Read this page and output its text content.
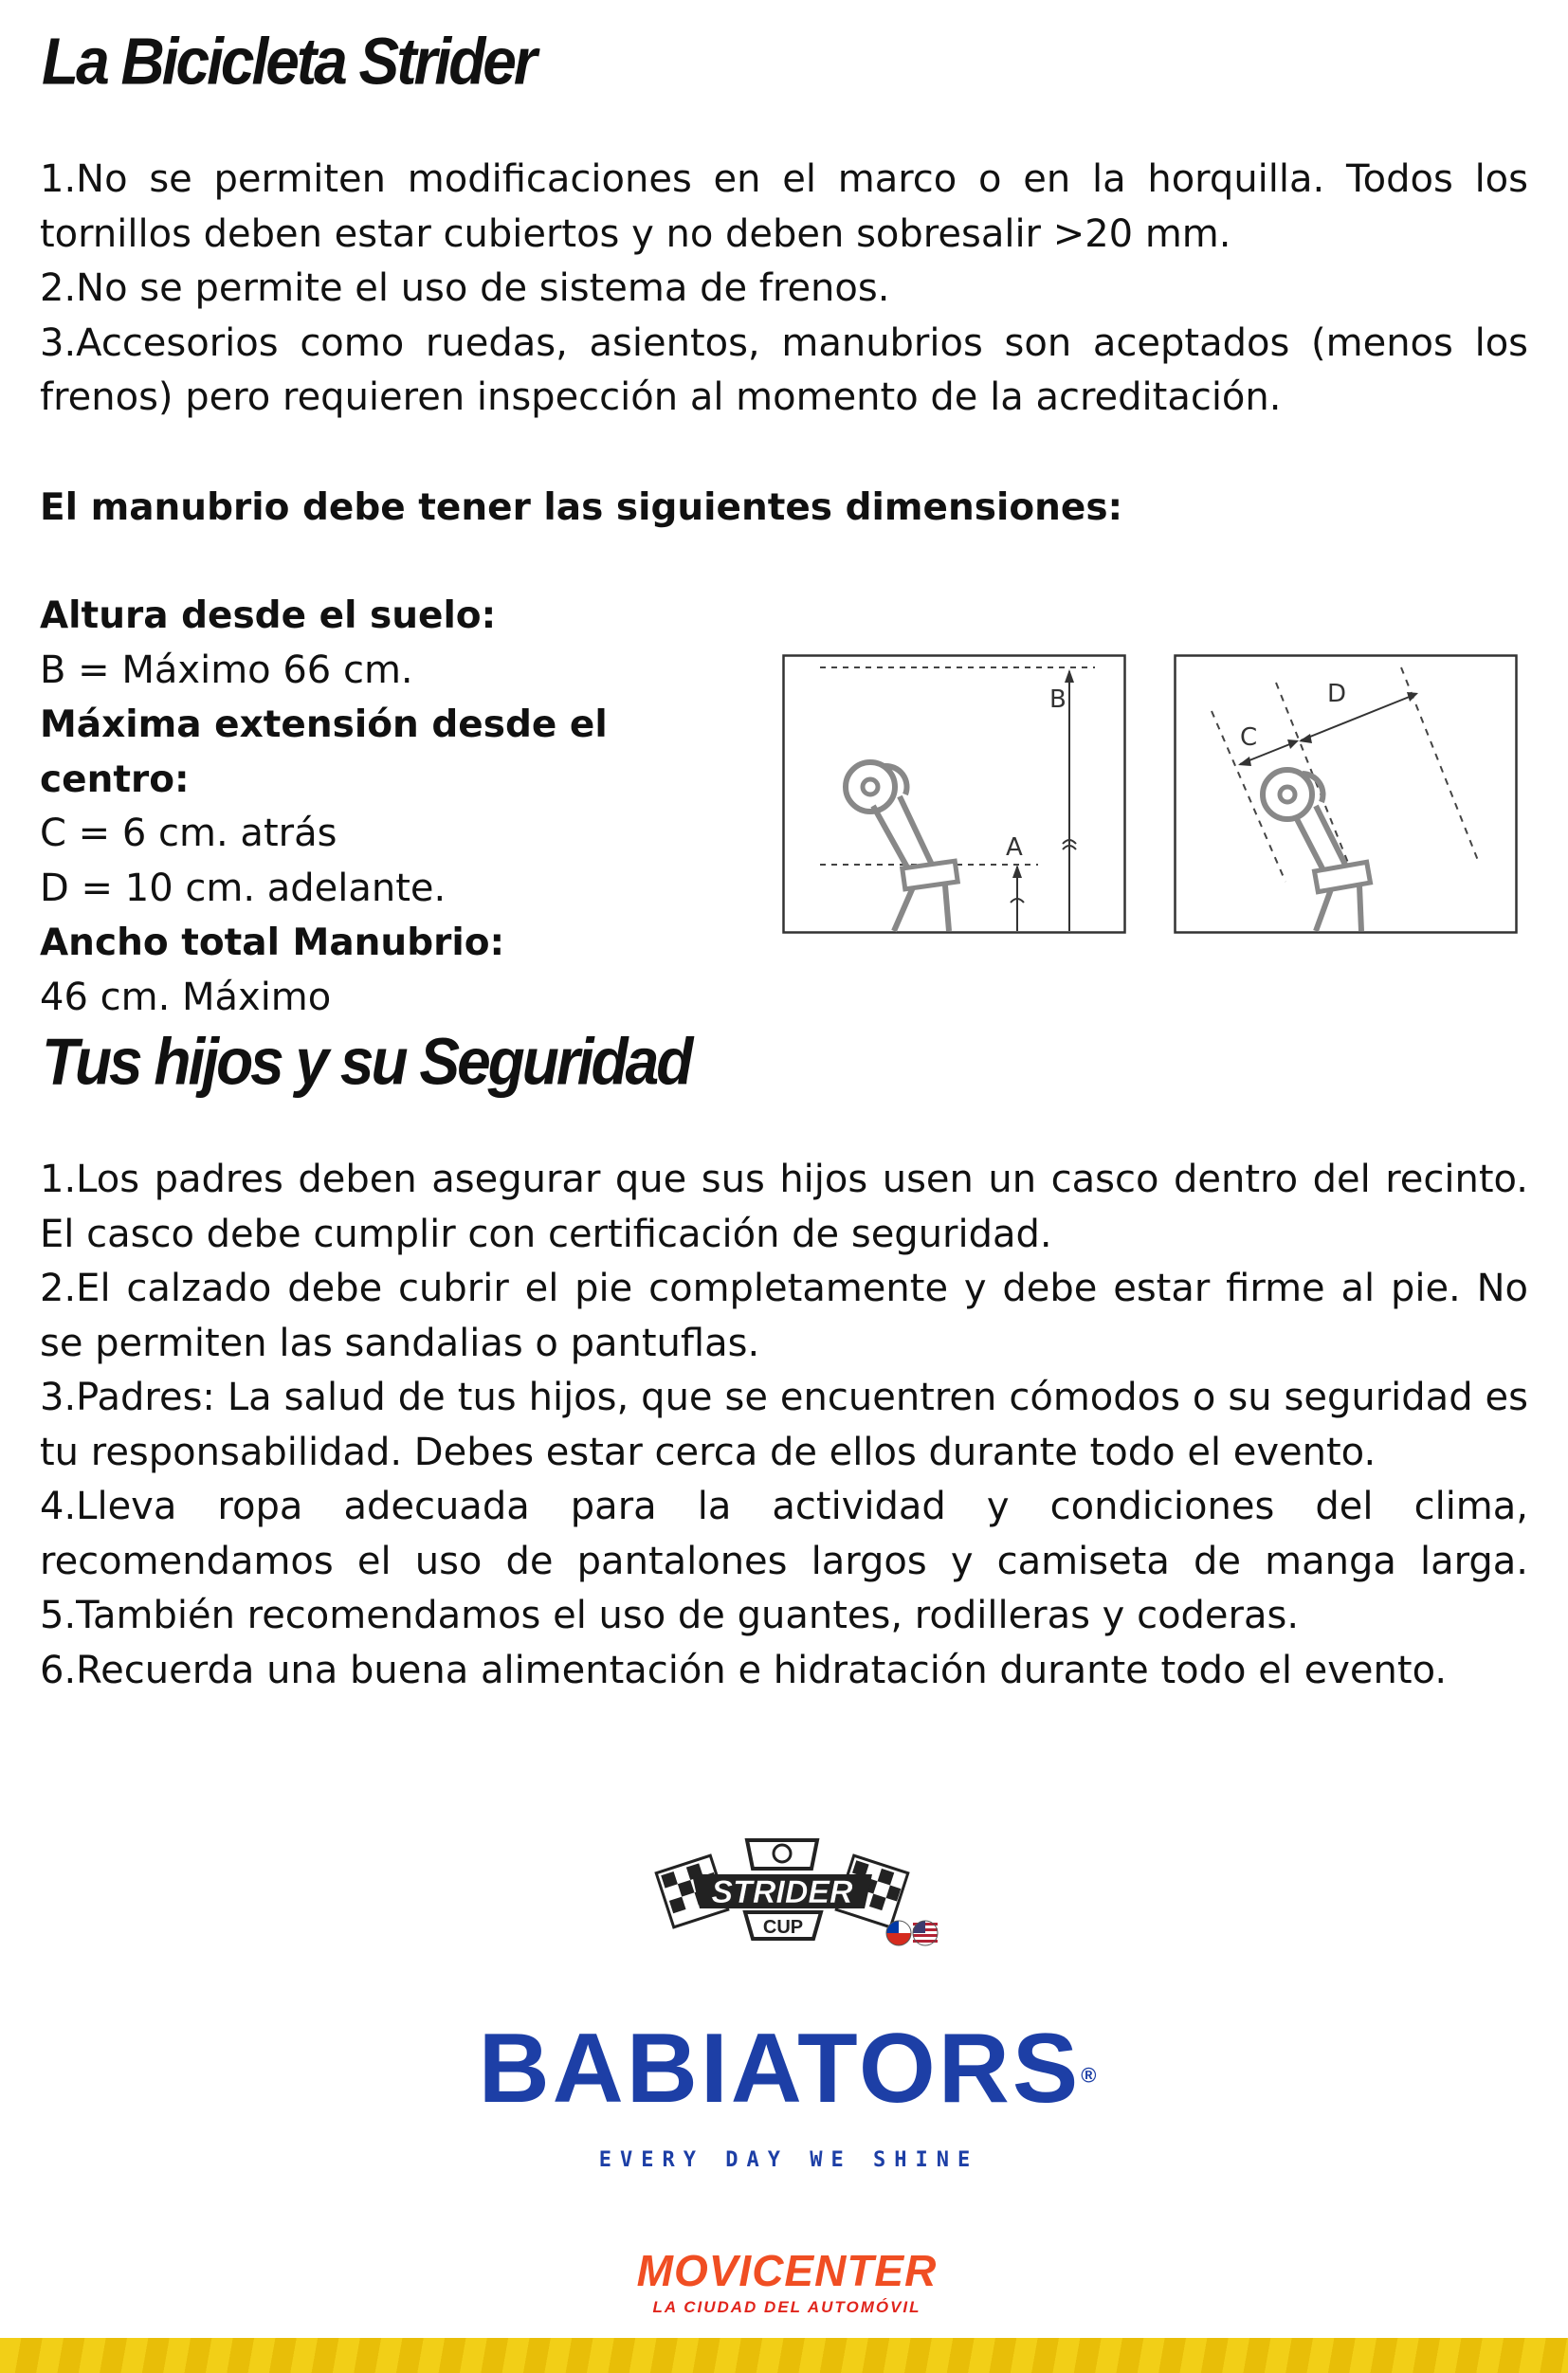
La Bicicleta Strider
1.No se permiten modificaciones en el marco o en la horquilla. Todos los tornillos deben estar cubiertos y no deben sobresalir >20 mm.
2.No se permite el uso de sistema de frenos.
3.Accesorios como ruedas, asientos, manubrios son aceptados (menos los frenos) pero requieren inspección al momento de la acreditación.
El manubrio debe tener las siguientes dimensiones:
Altura desde el suelo:
B = Máximo 66 cm.
Máxima extensión desde el centro:
C = 6 cm. atrás
D = 10 cm. adelante.
Ancho total Manubrio:
46 cm. Máximo
B
A
C
D
Tus hijos y su Seguridad
1.Los padres deben asegurar que sus hijos usen un casco dentro del recinto. El casco debe cumplir con certificación de seguridad.
2.El calzado debe cubrir el pie completamente y debe estar firme al pie. No se permiten las sandalias o pantuflas.
3.Padres: La salud de tus hijos, que se encuentren cómodos o su seguridad es tu responsabilidad. Debes estar cerca de ellos durante todo el evento.
4.Lleva ropa adecuada para la actividad y condiciones del clima, recomendamos el uso de pantalones largos y camiseta de manga larga.
5.También recomendamos el uso de guantes, rodilleras y coderas.
6.Recuerda una buena alimentación e hidratación durante todo el evento.
STRIDER
CUP
BABIATORS®
EVERY DAY WE SHINE
MOVICENTER
LA CIUDAD DEL AUTOMÓVIL
